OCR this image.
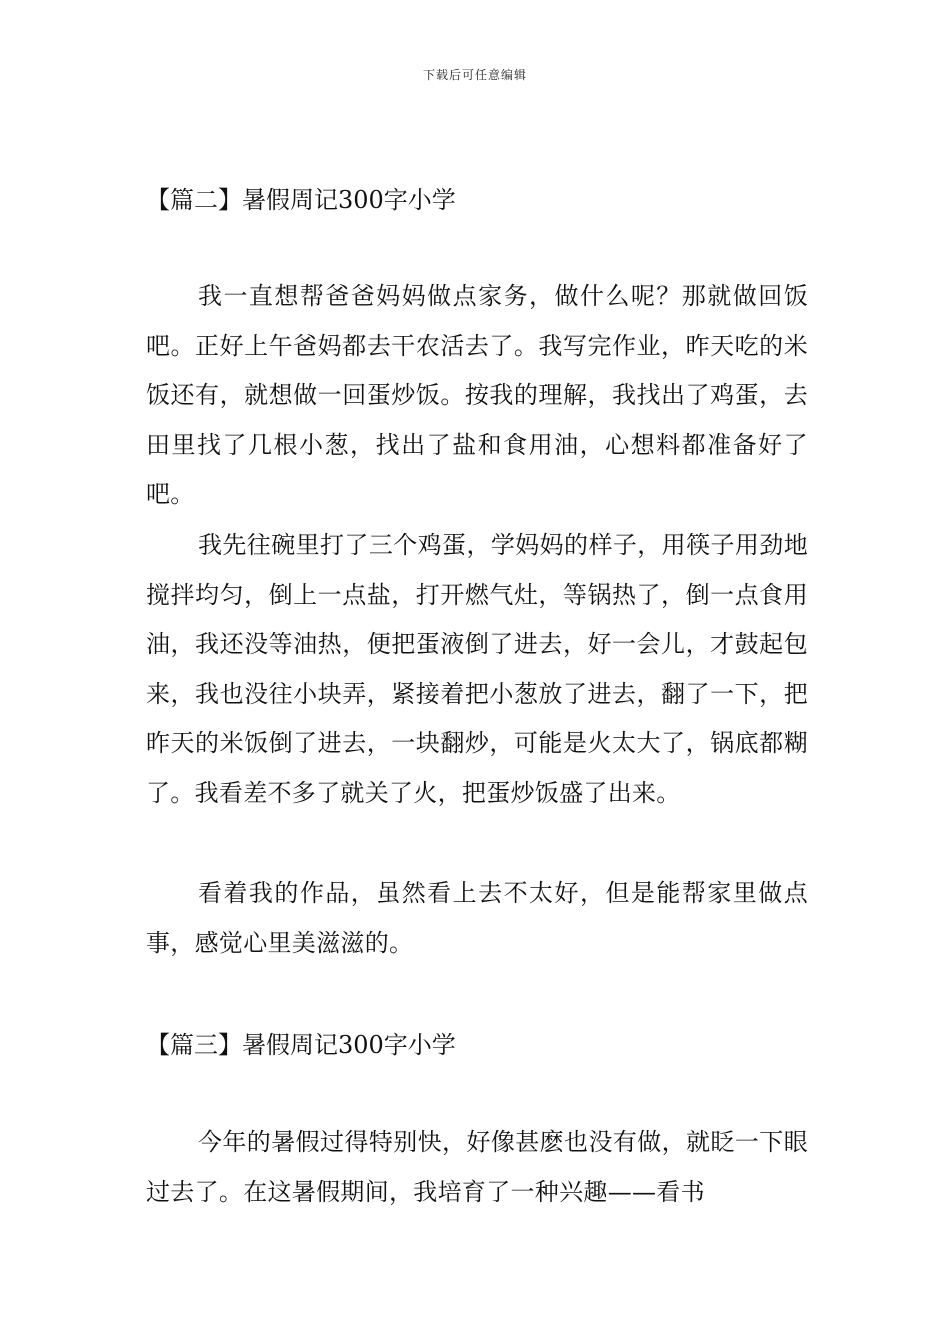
下载后可任意编辑
【篇二】暑假周记300字小学

我一直想帮爸爸妈妈做点家务，做什么呢？那就做回饭吧。正好上午爸妈都去干农活去了。我写完作业，昨天吃的米饭还有，就想做一回蛋炒饭。按我的理解，我找出了鸡蛋，去田里找了几根小葱，找出了盐和食用油，心想料都准备好了吧。

我先往碗里打了三个鸡蛋，学妈妈的样子，用筷子用劲地搅拌均匀，倒上一点盐，打开燃气灶，等锅热了，倒一点食用油，我还没等油热，便把蛋液倒了进去，好一会儿，才鼓起包来，我也没往小块弄，紧接着把小葱放了进去，翻了一下，把昨天的米饭倒了进去，一块翻炒，可能是火太大了，锅底都糊了。我看差不多了就关了火，把蛋炒饭盛了出来。

看着我的作品，虽然看上去不太好，但是能帮家里做点事，感觉心里美滋滋的。

【篇三】暑假周记300字小学

今年的暑假过得特别快，好像甚麽也没有做，就眨一下眼过去了。在这暑假期间，我培育了一种兴趣——看书
